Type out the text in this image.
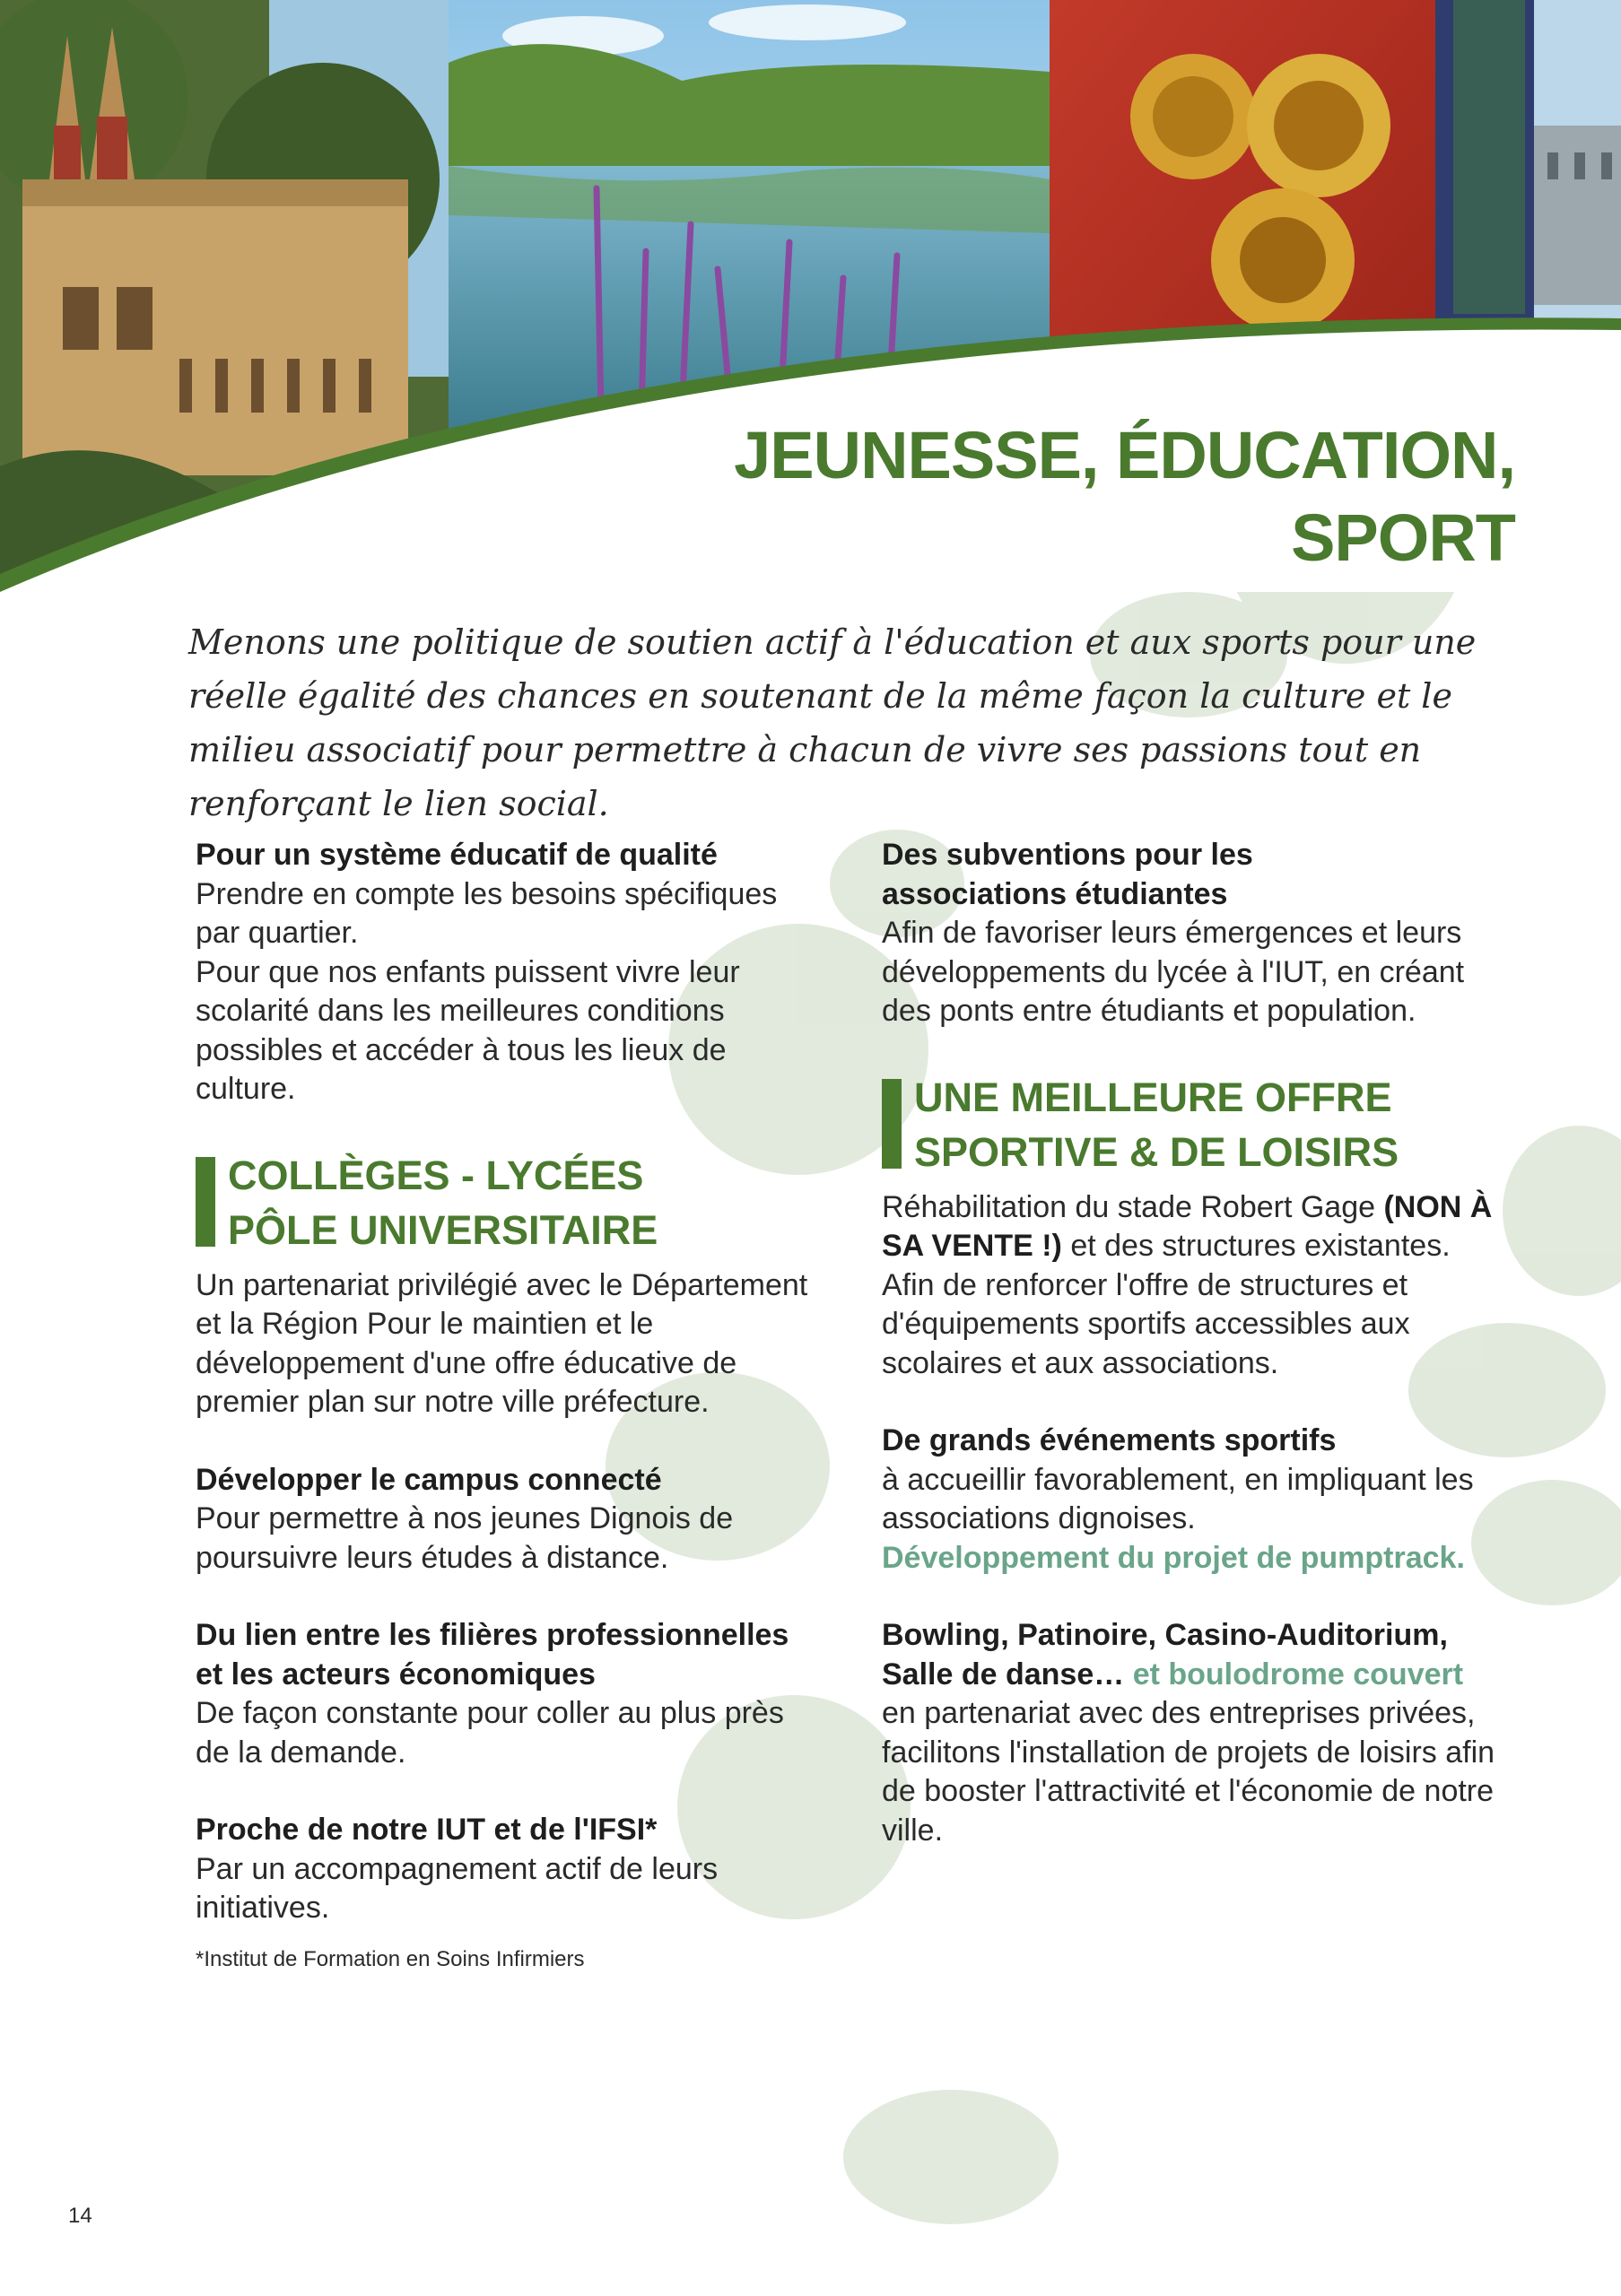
JEUNESSE, ÉDUCATION,
SPORT
Menons une politique de soutien actif à l'éducation et aux sports pour une réelle égalité des chances en soutenant de la même façon la culture et le milieu associatif pour permettre à chacun de vivre ses passions tout en renforçant le lien social.

Pour un système éducatif de qualité

Prendre en compte les besoins spécifiques par quartier.

Pour que nos enfants puissent vivre leur scolarité dans les meilleures conditions possibles et accéder à tous les lieux de culture.

COLLÈGES - LYCÉES
PÔLE UNIVERSITAIRE

Un partenariat privilégié avec le Département et la Région Pour le maintien et le développement d'une offre éducative de premier plan sur notre ville préfecture.

Développer le campus connecté

Pour permettre à nos jeunes Dignois de poursuivre leurs études à distance.

Du lien entre les filières professionnelles

et les acteurs économiques

De façon constante pour coller au plus près de la demande.

Proche de notre IUT et de l'IFSI*

Par un accompagnement actif de leurs initiatives.

*Institut de Formation en Soins Infirmiers

Des subventions pour les

associations étudiantes

Afin de favoriser leurs émergences et leurs développements du lycée à l'IUT, en créant des ponts entre étudiants et population.

UNE MEILLEURE OFFRE
SPORTIVE & DE LOISIRS

Réhabilitation du stade Robert Gage (NON À SA VENTE !) et des structures existantes.

Afin de renforcer l'offre de structures et d'équipements sportifs accessibles aux scolaires et aux associations.

De grands événements sportifs

à accueillir favorablement, en impliquant les associations dignoises.

Développement du projet de pumptrack.

Bowling, Patinoire, Casino-Auditorium,

Salle de danse… et boulodrome couvert

en partenariat avec des entreprises privées, facilitons l'installation de projets de loisirs afin de booster l'attractivité et l'économie de notre ville.

14
